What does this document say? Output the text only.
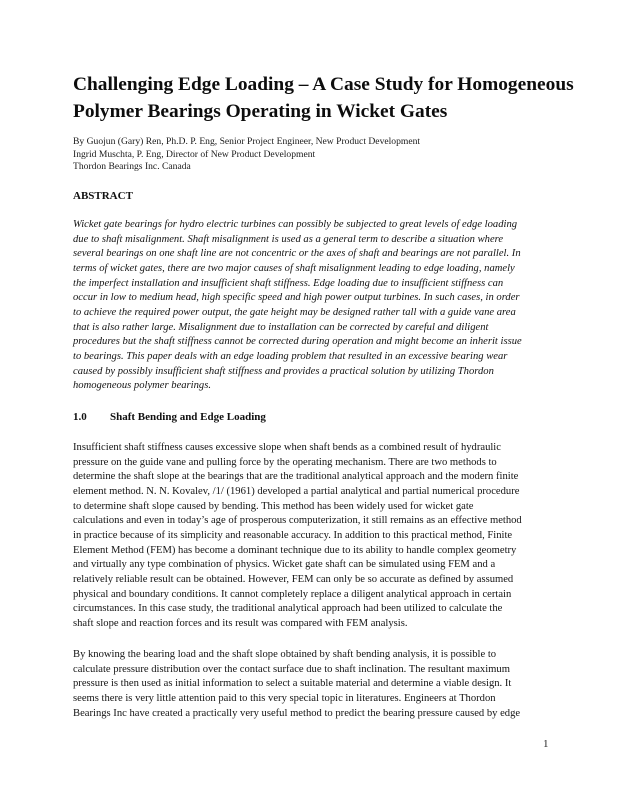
Challenging Edge Loading – A Case Study for Homogeneous
Polymer Bearings Operating in Wicket Gates
By Guojun (Gary) Ren, Ph.D. P. Eng, Senior Project Engineer, New Product Development
Ingrid Muschta, P. Eng, Director of New Product Development
Thordon Bearings Inc. Canada
ABSTRACT
Wicket gate bearings for hydro electric turbines can possibly be subjected to great levels of edge loading
due to shaft misalignment. Shaft misalignment is used as a general term to describe a situation where
several bearings on one shaft line are not concentric or the axes of shaft and bearings are not parallel. In
terms of wicket gates, there are two major causes of shaft misalignment leading to edge loading, namely
the imperfect installation and insufficient shaft stiffness. Edge loading due to insufficient stiffness can
occur in low to medium head, high specific speed and high power output turbines. In such cases, in order
to achieve the required power output, the gate height may be designed rather tall with a guide vane area
that is also rather large. Misalignment due to installation can be corrected by careful and diligent
procedures but the shaft stiffness cannot be corrected during operation and might become an inherit issue
to bearings. This paper deals with an edge loading problem that resulted in an excessive bearing wear
caused by possibly insufficient shaft stiffness and provides a practical solution by utilizing Thordon
homogeneous polymer bearings.
1.0 Shaft Bending and Edge Loading
Insufficient shaft stiffness causes excessive slope when shaft bends as a combined result of hydraulic
pressure on the guide vane and pulling force by the operating mechanism. There are two methods to
determine the shaft slope at the bearings that are the traditional analytical approach and the modern finite
element method. N. N. Kovalev, /1/ (1961) developed a partial analytical and partial numerical procedure
to determine shaft slope caused by bending. This method has been widely used for wicket gate
calculations and even in today’s age of prosperous computerization, it still remains as an effective method
in practice because of its simplicity and reasonable accuracy. In addition to this practical method, Finite
Element Method (FEM) has become a dominant technique due to its ability to handle complex geometry
and virtually any type combination of physics. Wicket gate shaft can be simulated using FEM and a
relatively reliable result can be obtained. However, FEM can only be so accurate as defined by assumed
physical and boundary conditions. It cannot completely replace a diligent analytical approach in certain
circumstances. In this case study, the traditional analytical approach had been utilized to calculate the
shaft slope and reaction forces and its result was compared with FEM analysis.
By knowing the bearing load and the shaft slope obtained by shaft bending analysis, it is possible to
calculate pressure distribution over the contact surface due to shaft inclination. The resultant maximum
pressure is then used as initial information to select a suitable material and determine a viable design. It
seems there is very little attention paid to this very special topic in literatures. Engineers at Thordon
Bearings Inc have created a practically very useful method to predict the bearing pressure caused by edge
1
